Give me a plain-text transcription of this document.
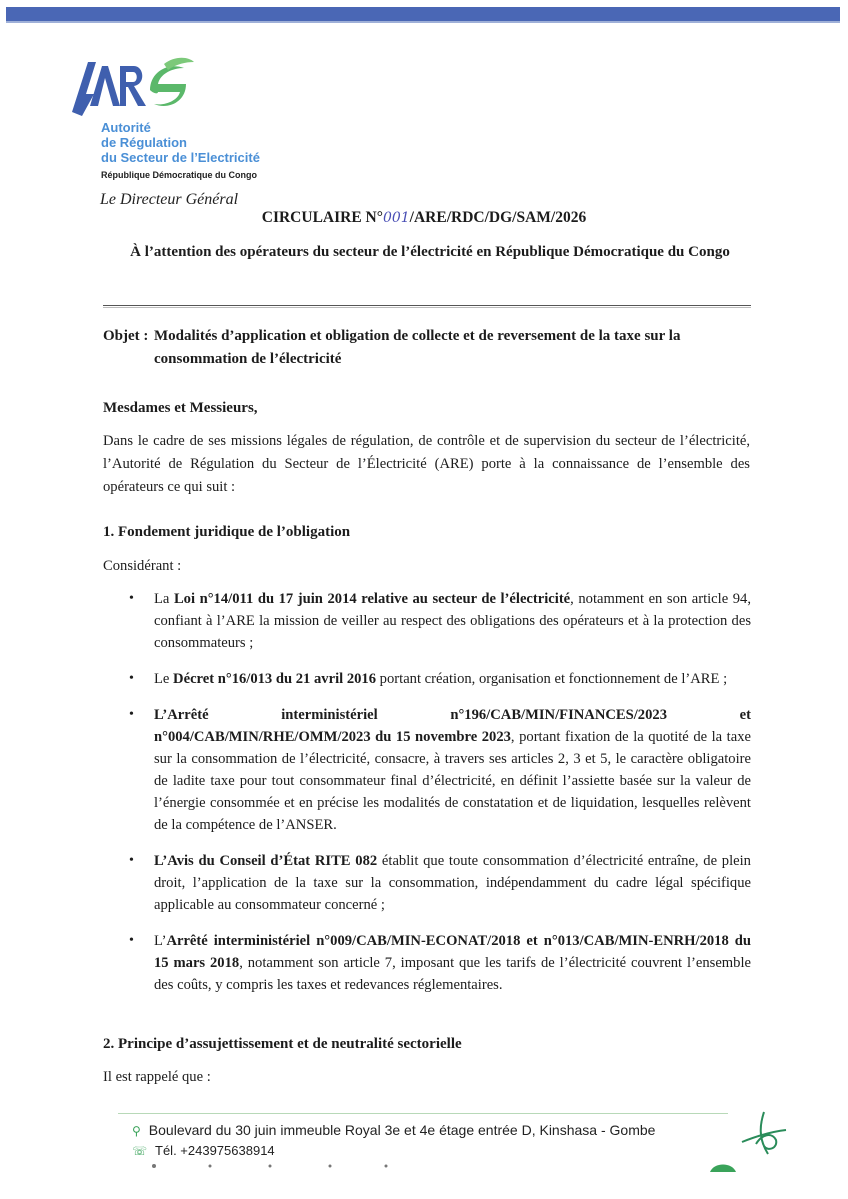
Autorité
de Régulation
du Secteur de l’Electricité
République Démocratique du Congo
Le Directeur Général
CIRCULAIRE N°001/ARE/RDC/DG/SAM/2026
À l’attention des opérateurs du secteur de l’électricité en République Démocratique du Congo
Objet : Modalités d’application et obligation de collecte et de reversement de la taxe sur la
consommation de l’électricité
Mesdames et Messieurs,
Dans le cadre de ses missions légales de régulation, de contrôle et de supervision du secteur de l’électricité, l’Autorité de Régulation du Secteur de l’Électricité (ARE) porte à la connaissance de l’ensemble des opérateurs ce qui suit :
1. Fondement juridique de l’obligation
Considérant :
• La Loi n°14/011 du 17 juin 2014 relative au secteur de l’électricité, notamment en son article 94, confiant à l’ARE la mission de veiller au respect des obligations des opérateurs et à la protection des consommateurs ;
• Le Décret n°16/013 du 21 avril 2016 portant création, organisation et fonctionnement de l’ARE ;
• L’Arrêté interministériel n°196/CAB/MIN/FINANCES/2023 et n°004/CAB/MIN/RHE/OMM/2023 du 15 novembre 2023, portant fixation de la quotité de la taxe sur la consommation de l’électricité, consacre, à travers ses articles 2, 3 et 5, le caractère obligatoire de ladite taxe pour tout consommateur final d’électricité, en définit l’assiette basée sur la valeur de l’énergie consommée et en précise les modalités de constatation et de liquidation, lesquelles relèvent de la compétence de l’ANSER.
• L’Avis du Conseil d’État RITE 082 établit que toute consommation d’électricité entraîne, de plein droit, l’application de la taxe sur la consommation, indépendamment du cadre légal spécifique applicable au consommateur concerné ;
• L’Arrêté interministériel n°009/CAB/MIN-ECONAT/2018 et n°013/CAB/MIN-ENRH/2018 du 15 mars 2018, notamment son article 7, imposant que les tarifs de l’électricité couvrent l’ensemble des coûts, y compris les taxes et redevances réglementaires.
2. Principe d’assujettissement et de neutralité sectorielle
Il est rappelé que :
⚲ Boulevard du 30 juin immeuble Royal 3e et 4e étage entrée D, Kinshasa - Gombe
☏ Tél. +243975638914
